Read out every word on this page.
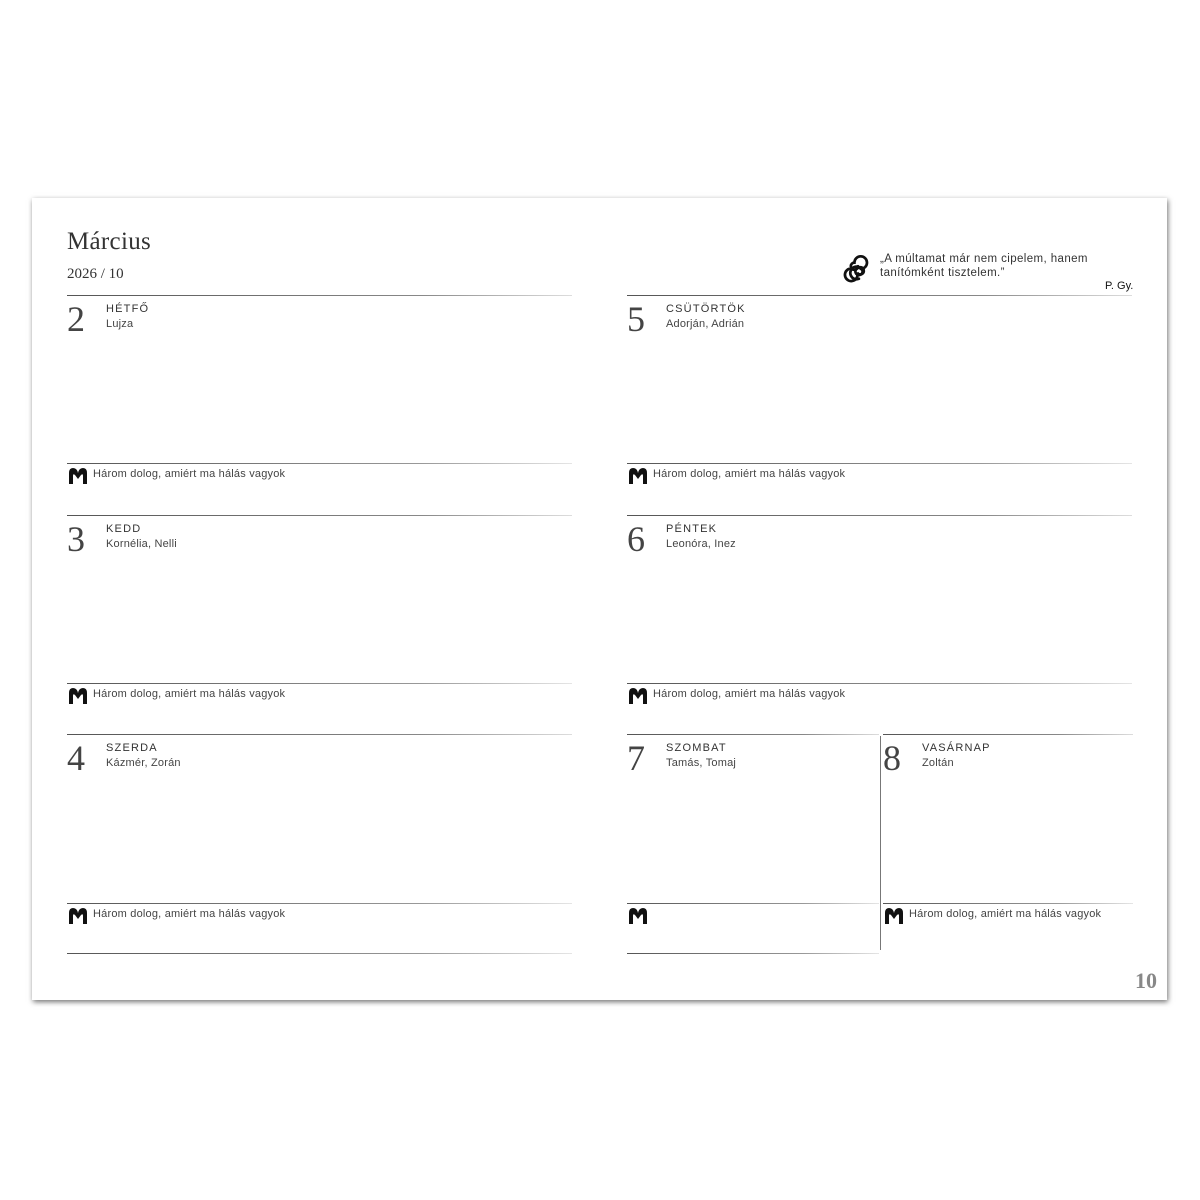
Március
2026 / 10
„A múltamat már nem cipelem, hanem tanítómként tisztelem.”
P. Gy.
2 HÉTFŐ
Lujza
Három dolog, amiért ma hálás vagyok
3 KEDD
Kornélia, Nelli
Három dolog, amiért ma hálás vagyok
4 SZERDA
Kázmér, Zorán
Három dolog, amiért ma hálás vagyok
5 CSÜTÖRTÖK
Adorján, Adrián
Három dolog, amiért ma hálás vagyok
6 PÉNTEK
Leonóra, Inez
Három dolog, amiért ma hálás vagyok
7 SZOMBAT
Tamás, Tomaj	8 VASÁRNAP
Zoltán
Három dolog, amiért ma hálás vagyok
10
